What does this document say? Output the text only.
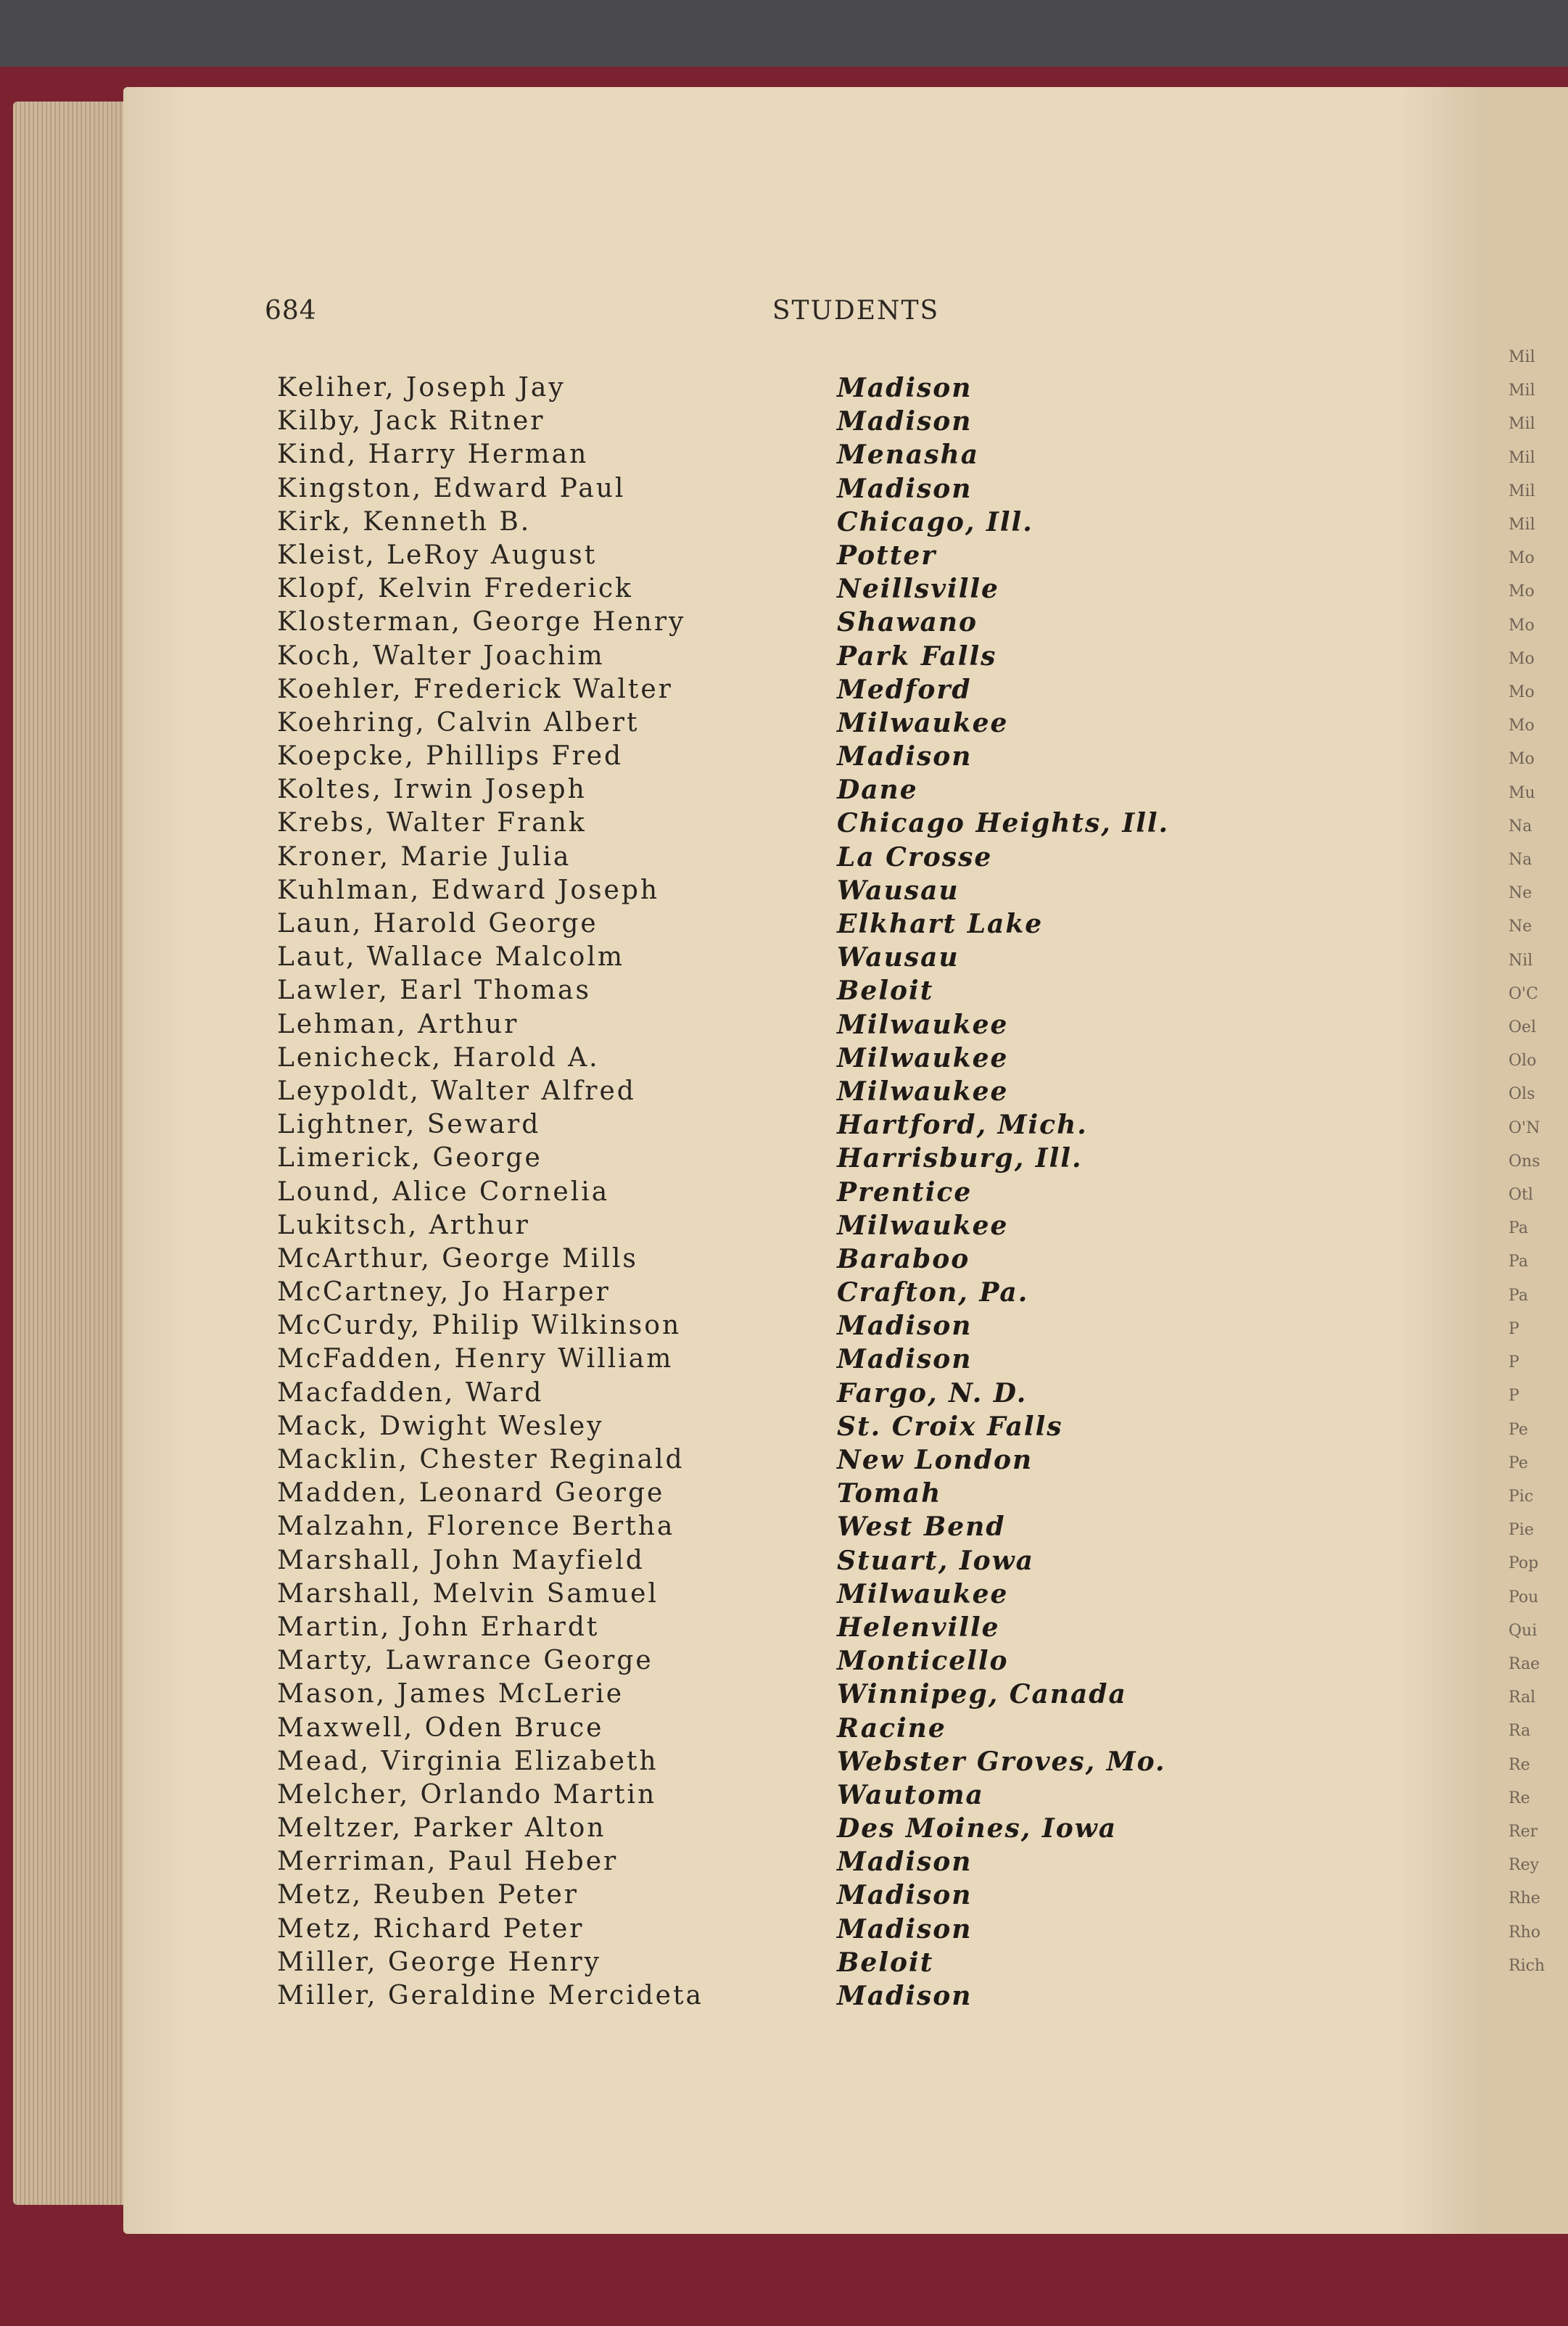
Mil
Mil
Mil
Mil
Mil
Mil
Mo
Mo
Mo
Mo
Mo
Mo
Mo
Mu
Na
Na
Ne
Ne
Nil
O'C
Oel
Olo
Ols
O'N
Ons
Otl
Pa
Pa
Pa
P
P
P
Pe
Pe
Pic
Pie
Pop
Pou
Qui
Rae
Ral
Ra
Re
Re
Rer
Rey
Rhe
Rho
Rich
684	STUDENTS
Keliher, Joseph Jay	Madison
Kilby, Jack Ritner	Madison
Kind, Harry Herman	Menasha
Kingston, Edward Paul	Madison
Kirk, Kenneth B.	Chicago, Ill.
Kleist, LeRoy August	Potter
Klopf, Kelvin Frederick	Neillsville
Klosterman, George Henry	Shawano
Koch, Walter Joachim	Park Falls
Koehler, Frederick Walter	Medford
Koehring, Calvin Albert	Milwaukee
Koepcke, Phillips Fred	Madison
Koltes, Irwin Joseph	Dane
Krebs, Walter Frank	Chicago Heights, Ill.
Kroner, Marie Julia	La Crosse
Kuhlman, Edward Joseph	Wausau
Laun, Harold George	Elkhart Lake
Laut, Wallace Malcolm	Wausau
Lawler, Earl Thomas	Beloit
Lehman, Arthur	Milwaukee
Lenicheck, Harold A.	Milwaukee
Leypoldt, Walter Alfred	Milwaukee
Lightner, Seward	Hartford, Mich.
Limerick, George	Harrisburg, Ill.
Lound, Alice Cornelia	Prentice
Lukitsch, Arthur	Milwaukee
McArthur, George Mills	Baraboo
McCartney, Jo Harper	Crafton, Pa.
McCurdy, Philip Wilkinson	Madison
McFadden, Henry William	Madison
Macfadden, Ward	Fargo, N. D.
Mack, Dwight Wesley	St. Croix Falls
Macklin, Chester Reginald	New London
Madden, Leonard George	Tomah
Malzahn, Florence Bertha	West Bend
Marshall, John Mayfield	Stuart, Iowa
Marshall, Melvin Samuel	Milwaukee
Martin, John Erhardt	Helenville
Marty, Lawrance George	Monticello
Mason, James McLerie	Winnipeg, Canada
Maxwell, Oden Bruce	Racine
Mead, Virginia Elizabeth	Webster Groves, Mo.
Melcher, Orlando Martin	Wautoma
Meltzer, Parker Alton	Des Moines, Iowa
Merriman, Paul Heber	Madison
Metz, Reuben Peter	Madison
Metz, Richard Peter	Madison
Miller, George Henry	Beloit
Miller, Geraldine Mercideta	Madison
